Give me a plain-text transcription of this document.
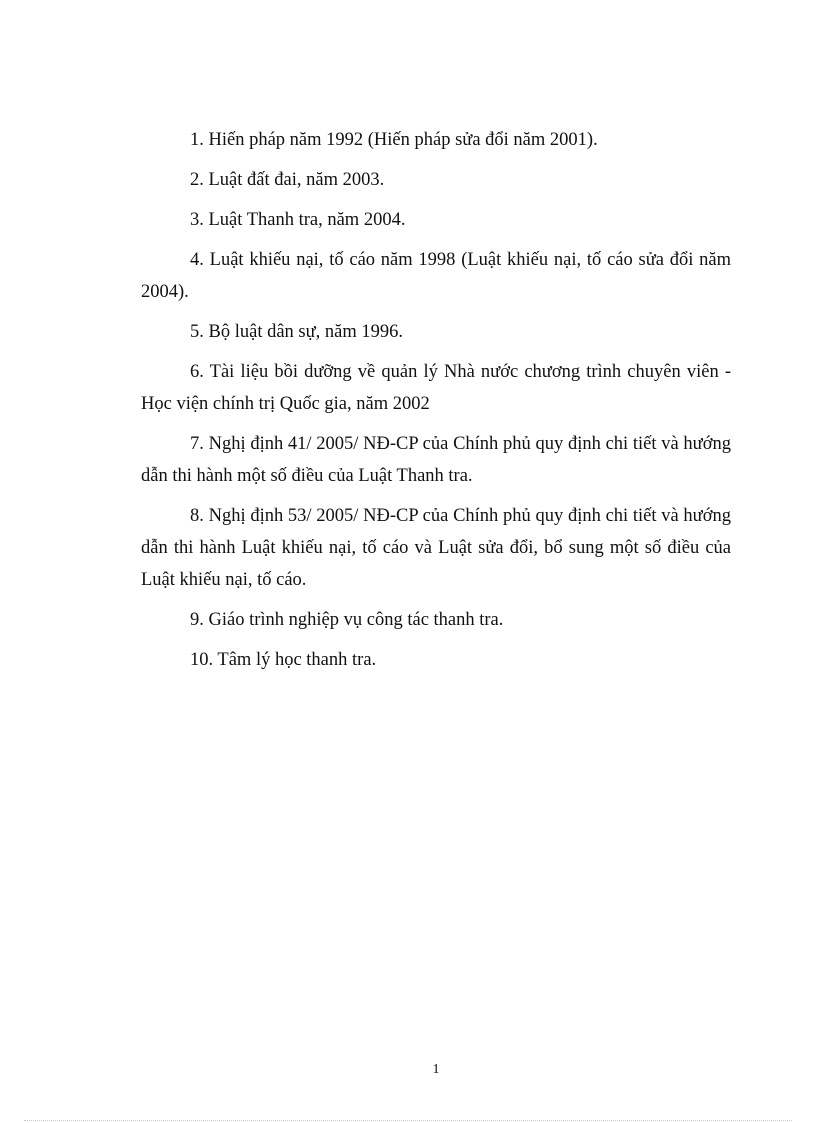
1. Hiến pháp năm 1992 (Hiến pháp sửa đổi năm 2001).
2. Luật đất đai, năm 2003.
3. Luật Thanh tra, năm 2004.
4. Luật khiếu nại, tố cáo năm 1998 (Luật khiếu nại, tố cáo sửa đổi năm 2004).
5. Bộ luật dân sự, năm 1996.
6. Tài liệu bồi dưỡng về quản lý Nhà nước chương trình chuyên viên - Học viện chính trị Quốc gia, năm 2002
7. Nghị định 41/ 2005/ NĐ-CP của Chính phủ quy định chi tiết và hướng dẫn thi hành một số điều của Luật Thanh tra.
8. Nghị định 53/ 2005/ NĐ-CP của Chính phủ quy định chi tiết và hướng dẫn thi hành Luật khiếu nại, tố cáo và Luật sửa đổi, bổ sung một số điều của Luật khiếu nại, tố cáo.
9. Giáo trình nghiệp vụ công tác thanh tra.
10. Tâm lý học thanh tra.
1
